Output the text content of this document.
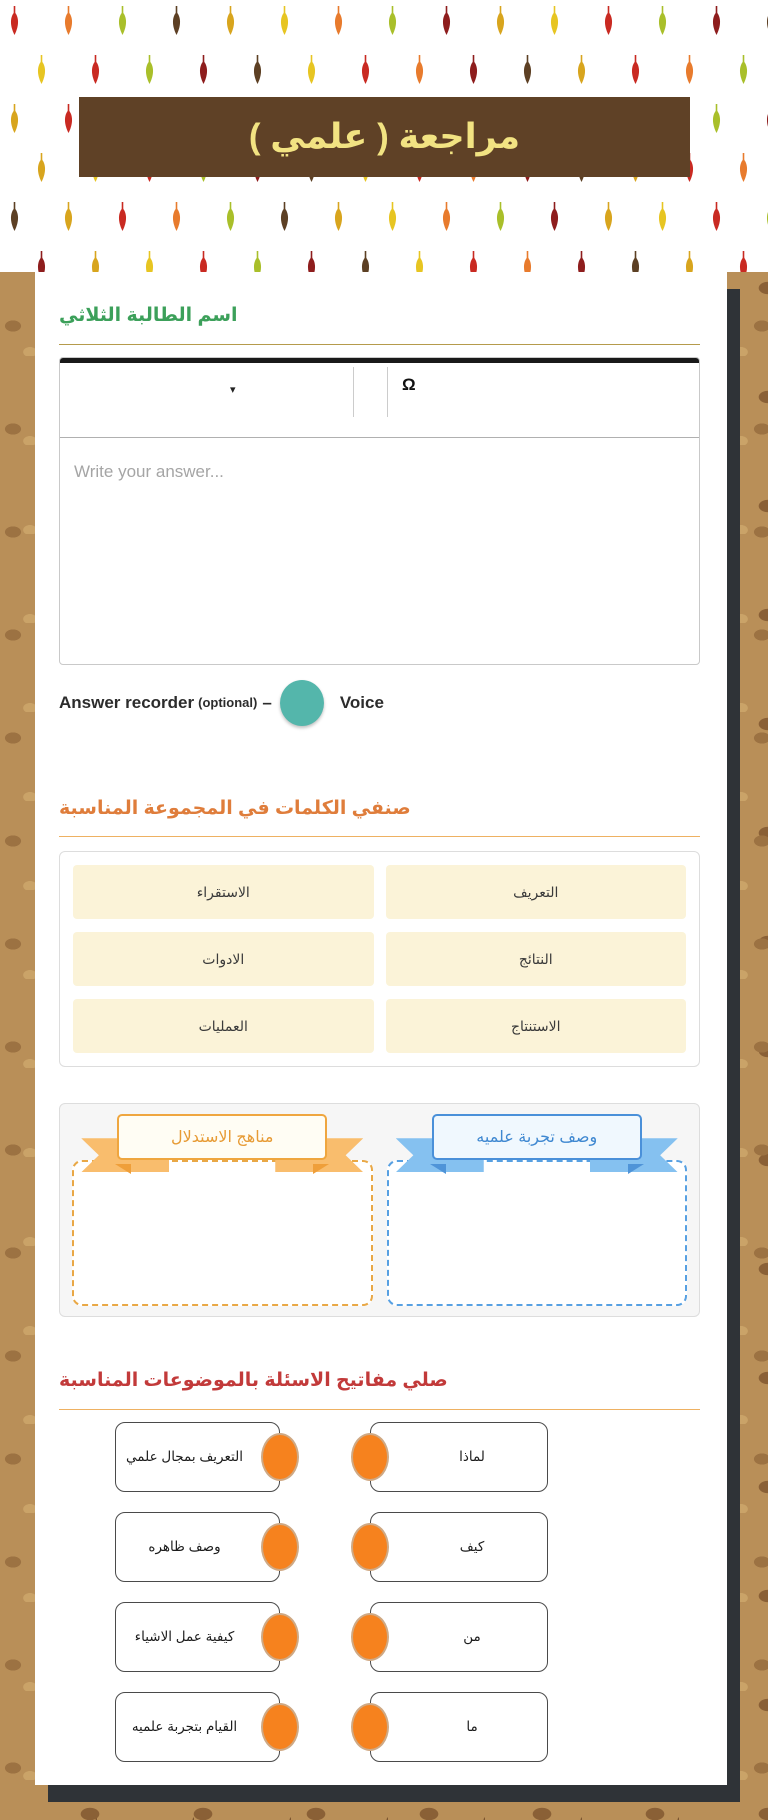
مراجعة ( علمي )
اسم الطالبة الثلاثي
▾	Ω
Write your answer...
Answer recorder (optional) –	Voice
صنفي الكلمات في المجموعة المناسبة
الاستقراء	التعريف
الادوات	النتائج
العمليات	الاستنتاج
مناهج الاستدلال	وصف تجربة علميه
صلي مفاتيح الاسئلة بالموضوعات المناسبة
التعريف بمجال علمي	لماذا
وصف ظاهره	كيف
كيفية عمل الاشياء	من
القيام بتجربة علميه	ما
